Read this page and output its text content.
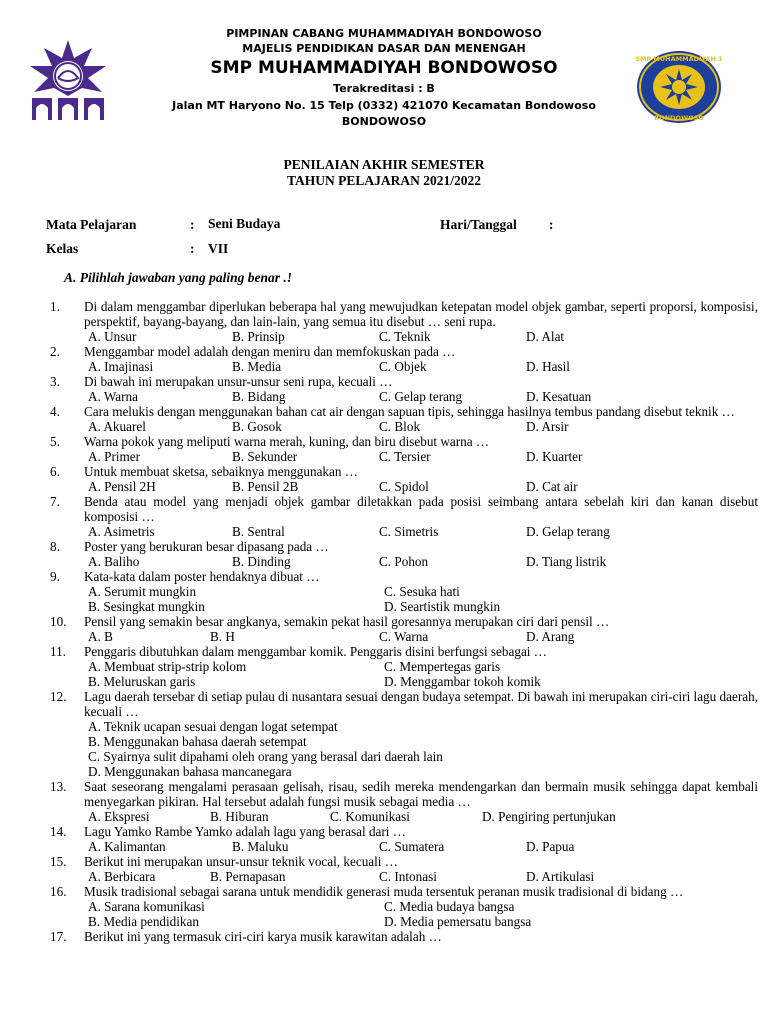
SMP MUHAMMADIYAH 1
BONDOWOSO
PIMPINAN CABANG MUHAMMADIYAH BONDOWOSO
MAJELIS PENDIDIKAN DASAR DAN MENENGAH
SMP MUHAMMADIYAH BONDOWOSO
Terakreditasi : B
Jalan MT Haryono No. 15 Telp (0332) 421070 Kecamatan Bondowoso
BONDOWOSO
PENILAIAN AKHIR SEMESTER
TAHUN PELAJARAN 2021/2022
Mata Pelajaran	: Seni Budaya	Hari/Tanggal :
Kelas	: VII
A. Pilihlah jawaban yang paling benar .!
1.	Di dalam menggambar diperlukan beberapa hal yang mewujudkan ketepatan model objek gambar, seperti proporsi, komposisi, perspektif, bayang-bayang, dan lain-lain, yang semua itu disebut … seni rupa.
A. Unsur	B. Prinsip	C. Teknik	D. Alat
2.	Menggambar model adalah dengan meniru dan memfokuskan pada …
A. Imajinasi	B. Media	C. Objek	D. Hasil
3.	Di bawah ini merupakan unsur-unsur seni rupa, kecuali …
A. Warna	B. Bidang	C. Gelap terang	D. Kesatuan
4.	Cara melukis dengan menggunakan bahan cat air dengan sapuan tipis, sehingga hasilnya tembus pandang disebut teknik …
A. Akuarel	B. Gosok	C. Blok	D. Arsir
5.	Warna pokok yang meliputi warna merah, kuning, dan biru disebut warna …
A. Primer	B. Sekunder	C. Tersier	D. Kuarter
6.	Untuk membuat sketsa, sebaiknya menggunakan …
A. Pensil 2H	B. Pensil 2B	C. Spidol	D. Cat air
7.	Benda atau model yang menjadi objek gambar diletakkan pada posisi seimbang antara sebelah kiri dan kanan disebut komposisi …
A. Asimetris	B. Sentral	C. Simetris	D. Gelap terang
8.	Poster yang berukuran besar dipasang pada …
A. Baliho	B. Dinding	C. Pohon	D. Tiang listrik
9.	Kata-kata dalam poster hendaknya dibuat …
A. Serumit mungkin	C. Sesuka hati
B. Sesingkat mungkin	D. Seartistik mungkin
10.	Pensil yang semakin besar angkanya, semakin pekat hasil goresannya merupakan ciri dari pensil …
A. B	B. H	C. Warna	D. Arang
11.	Penggaris dibutuhkan dalam menggambar komik. Penggaris disini berfungsi sebagai …
A. Membuat strip-strip kolom	C. Mempertegas garis
B. Meluruskan garis	D. Menggambar tokoh komik
12.	Lagu daerah tersebar di setiap pulau di nusantara sesuai dengan budaya setempat. Di bawah ini merupakan ciri-ciri lagu daerah, kecuali …
A. Teknik ucapan sesuai dengan logat setempat
B. Menggunakan bahasa daerah setempat
C. Syairnya sulit dipahami oleh orang yang berasal dari daerah lain
D. Menggunakan bahasa mancanegara
13.	Saat seseorang mengalami perasaan gelisah, risau, sedih mereka mendengarkan dan bermain musik sehingga dapat kembali menyegarkan pikiran. Hal tersebut adalah fungsi musik sebagai media …
A. Ekspresi	B. Hiburan	C. Komunikasi	D. Pengiring pertunjukan
14.	Lagu Yamko Rambe Yamko adalah lagu yang berasal dari …
A. Kalimantan	B. Maluku	C. Sumatera	D. Papua
15.	Berikut ini merupakan unsur-unsur teknik vocal, kecuali …
A. Berbicara	B. Pernapasan	C. Intonasi	D. Artikulasi
16.	Musik tradisional sebagai sarana untuk mendidik generasi muda tersentuk peranan musik tradisional di bidang …
A. Sarana komunikasi	C. Media budaya bangsa
B. Media pendidikan	D. Media pemersatu bangsa
17.	Berikut ini yang termasuk ciri-ciri karya musik karawitan adalah …
